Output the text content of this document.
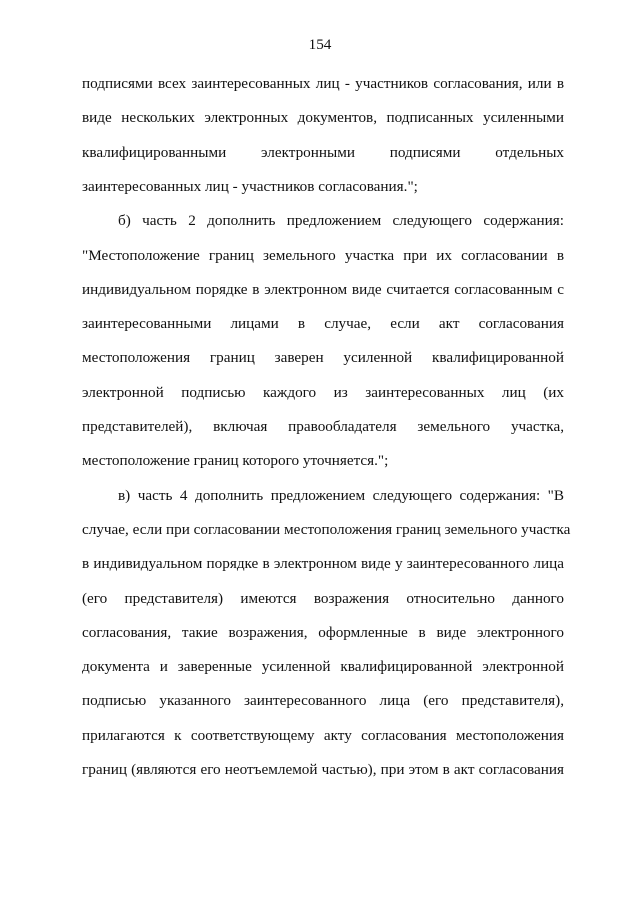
154
подписями всех заинтересованных лиц - участников согласования, или в
виде нескольких электронных документов, подписанных усиленными
квалифицированными электронными подписями отдельных
заинтересованных лиц - участников согласования.";
б) часть 2 дополнить предложением следующего содержания:
"Местоположение границ земельного участка при их согласовании в
индивидуальном порядке в электронном виде считается согласованным с
заинтересованными лицами в случае, если акт согласования
местоположения границ заверен усиленной квалифицированной
электронной подписью каждого из заинтересованных лиц (их
представителей), включая правообладателя земельного участка,
местоположение границ которого уточняется.";
в) часть 4 дополнить предложением следующего содержания: "В
случае, если при согласовании местоположения границ земельного участка
в индивидуальном порядке в электронном виде у заинтересованного лица
(его представителя) имеются возражения относительно данного
согласования, такие возражения, оформленные в виде электронного
документа и заверенные усиленной квалифицированной электронной
подписью указанного заинтересованного лица (его представителя),
прилагаются к соответствующему акту согласования местоположения
границ (являются его неотъемлемой частью), при этом в акт согласования
